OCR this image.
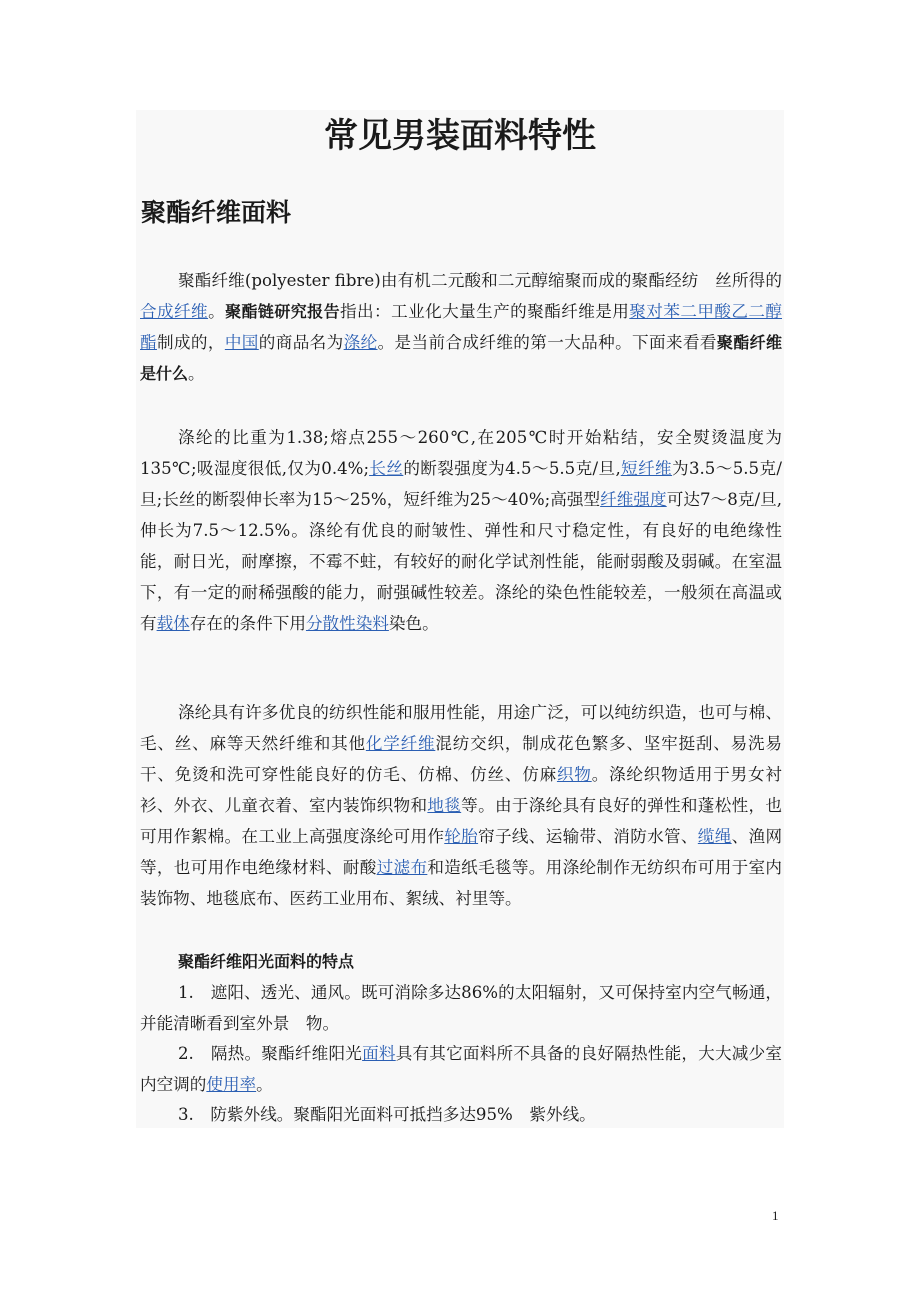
常见男装面料特性
聚酯纤维面料

聚酯纤维(polyester fibre)由有机二元酸和二元醇缩聚而成的聚酯经纺　丝所得的合成纤维。聚酯链研究报告指出：工业化大量生产的聚酯纤维是用聚对苯二甲酸乙二醇酯制成的，中国的商品名为涤纶。是当前合成纤维的第一大品种。下面来看看聚酯纤维是什么。

涤纶的比重为1.38;熔点255～260℃,在205℃时开始粘结，安全熨烫温度为135℃;吸湿度很低,仅为0.4%;长丝的断裂强度为4.5～5.5克/旦,短纤维为3.5～5.5克/旦;长丝的断裂伸长率为15～25%，短纤维为25～40%;高强型纤维强度可达7～8克/旦,伸长为7.5～12.5%。涤纶有优良的耐皱性、弹性和尺寸稳定性，有良好的电绝缘性能，耐日光，耐摩擦，不霉不蛀，有较好的耐化学试剂性能，能耐弱酸及弱碱。在室温下，有一定的耐稀强酸的能力，耐强碱性较差。涤纶的染色性能较差，一般须在高温或有载体存在的条件下用分散性染料染色。

涤纶具有许多优良的纺织性能和服用性能，用途广泛，可以纯纺织造，也可与棉、毛、丝、麻等天然纤维和其他化学纤维混纺交织，制成花色繁多、坚牢挺刮、易洗易干、免烫和洗可穿性能良好的仿毛、仿棉、仿丝、仿麻织物。涤纶织物适用于男女衬衫、外衣、儿童衣着、室内装饰织物和地毯等。由于涤纶具有良好的弹性和蓬松性，也可用作絮棉。在工业上高强度涤纶可用作轮胎帘子线、运输带、消防水管、缆绳、渔网等，也可用作电绝缘材料、耐酸过滤布和造纸毛毯等。用涤纶制作无纺织布可用于室内装饰物、地毯底布、医药工业用布、絮绒、衬里等。

聚酯纤维阳光面料的特点

1.　遮阳、透光、通风。既可消除多达86%的太阳辐射，又可保持室内空气畅通，并能清晰看到室外景　物。

2.　隔热。聚酯纤维阳光面料具有其它面料所不具备的良好隔热性能，大大减少室内空调的使用率。

3.　防紫外线。聚酯阳光面料可抵挡多达95%　紫外线。

1
